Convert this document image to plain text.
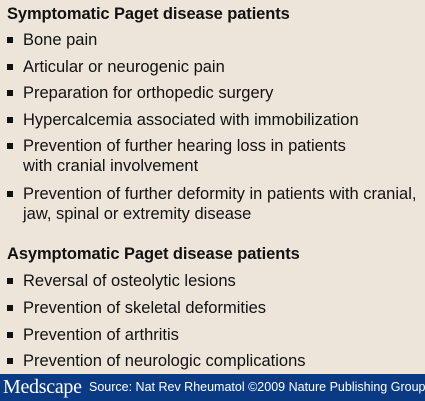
Symptomatic Paget disease patients
Bone pain
Articular or neurogenic pain
Preparation for orthopedic surgery
Hypercalcemia associated with immobilization
Prevention of further hearing loss in patients with cranial involvement
Prevention of further deformity in patients with cranial, jaw, spinal or extremity disease
Asymptomatic Paget disease patients
Reversal of osteolytic lesions
Prevention of skeletal deformities
Prevention of arthritis
Prevention of neurologic complications
Medscape Source: Nat Rev Rheumatol ©2009 Nature Publishing Group
